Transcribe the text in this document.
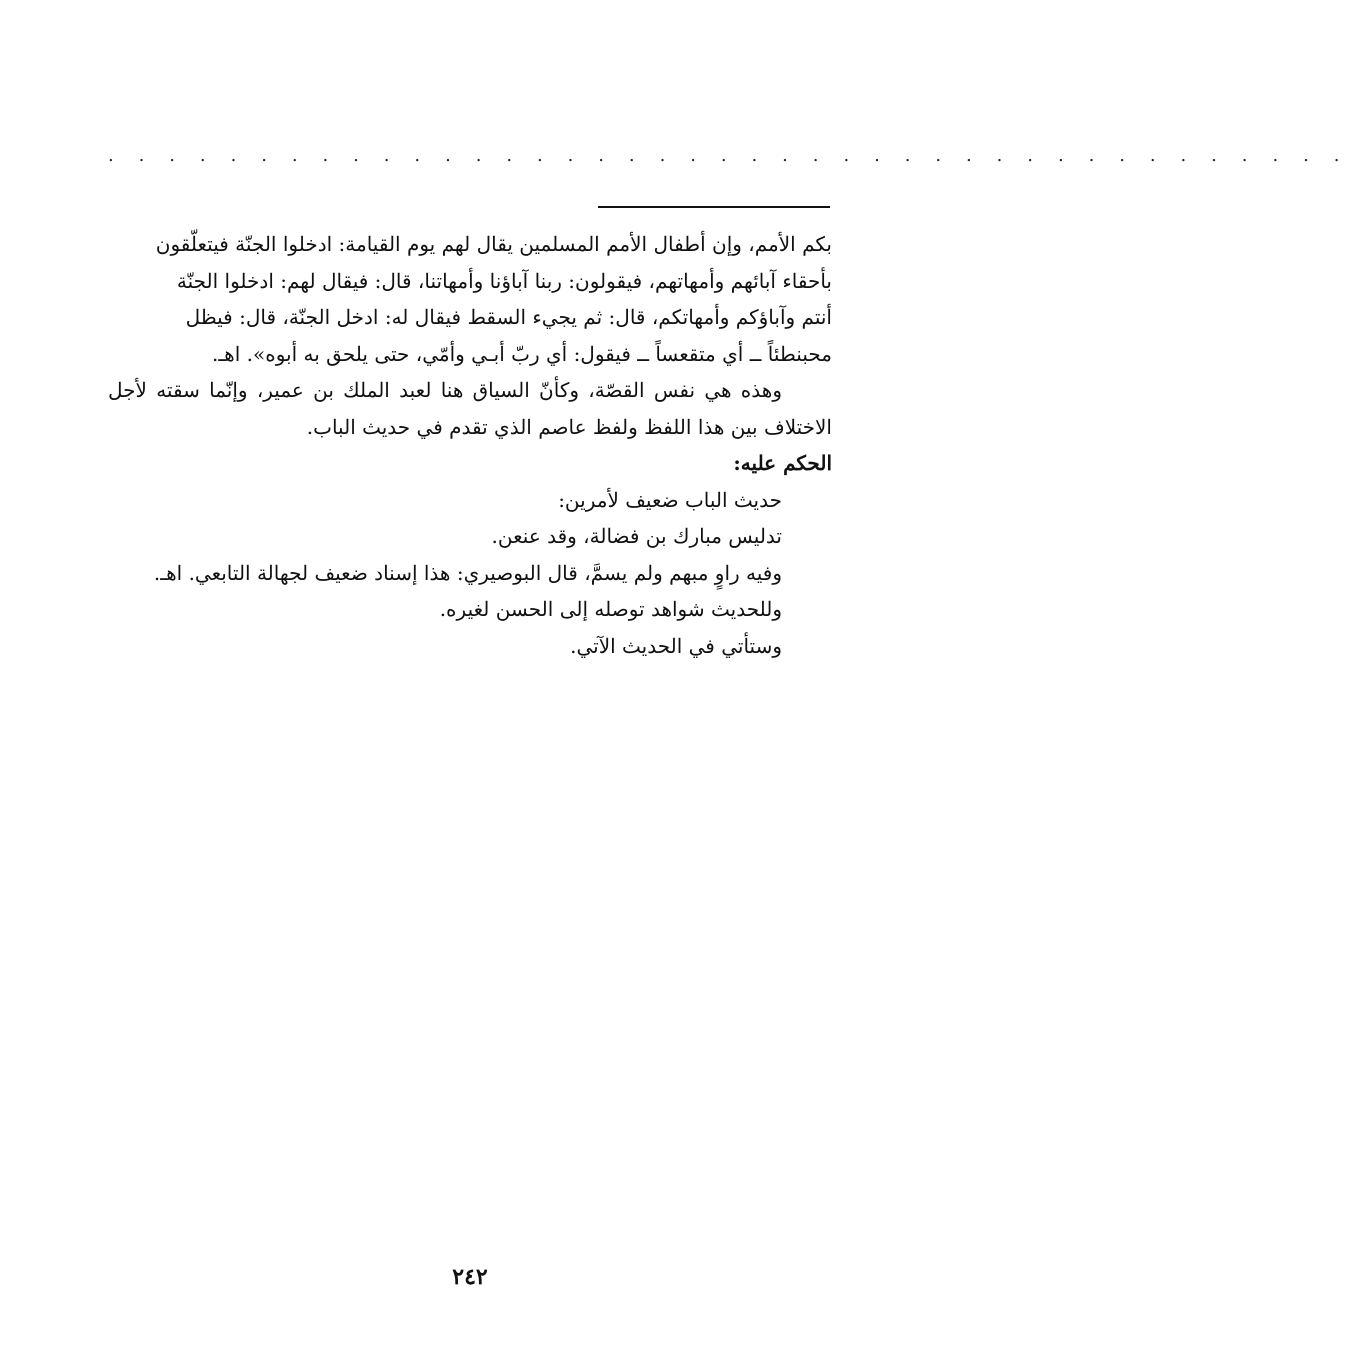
. . . . . . . . . . . . . . . . . . . . . . . . . . . . . . . . . . . . . . . . .

بكم الأمم، وإن أطفال الأمم المسلمين يقال لهم يوم القيامة: ادخلوا الجنّة فيتعلّقون
بأحقاء آبائهم وأمهاتهم، فيقولون: ربنا آباؤنا وأمهاتنا، قال: فيقال لهم: ادخلوا الجنّة
أنتم وآباؤكم وأمهاتكم، قال: ثم يجيء السقط فيقال له: ادخل الجنّة، قال: فيظل
محبنطئاً ــ أي متقعساً ــ فيقول: أي ربّ أبـي وأمّي، حتى يلحق به أبوه». اهـ.

وهذه هي نفس القصّة، وكأنّ السياق هنا لعبد الملك بن عمير، وإنّما سقته لأجل الاختلاف بين هذا اللفظ ولفظ عاصم الذي تقدم في حديث الباب.

الحكم عليه:

حديث الباب ضعيف لأمرين:

تدليس مبارك بن فضالة، وقد عنعن.

وفيه راوٍ مبهم ولم يسمَّ، قال البوصيري: هذا إسناد ضعيف لجهالة التابعي. اهـ.

وللحديث شواهد توصله إلى الحسن لغيره.

وستأتي في الحديث الآتي.

٢٤٢
